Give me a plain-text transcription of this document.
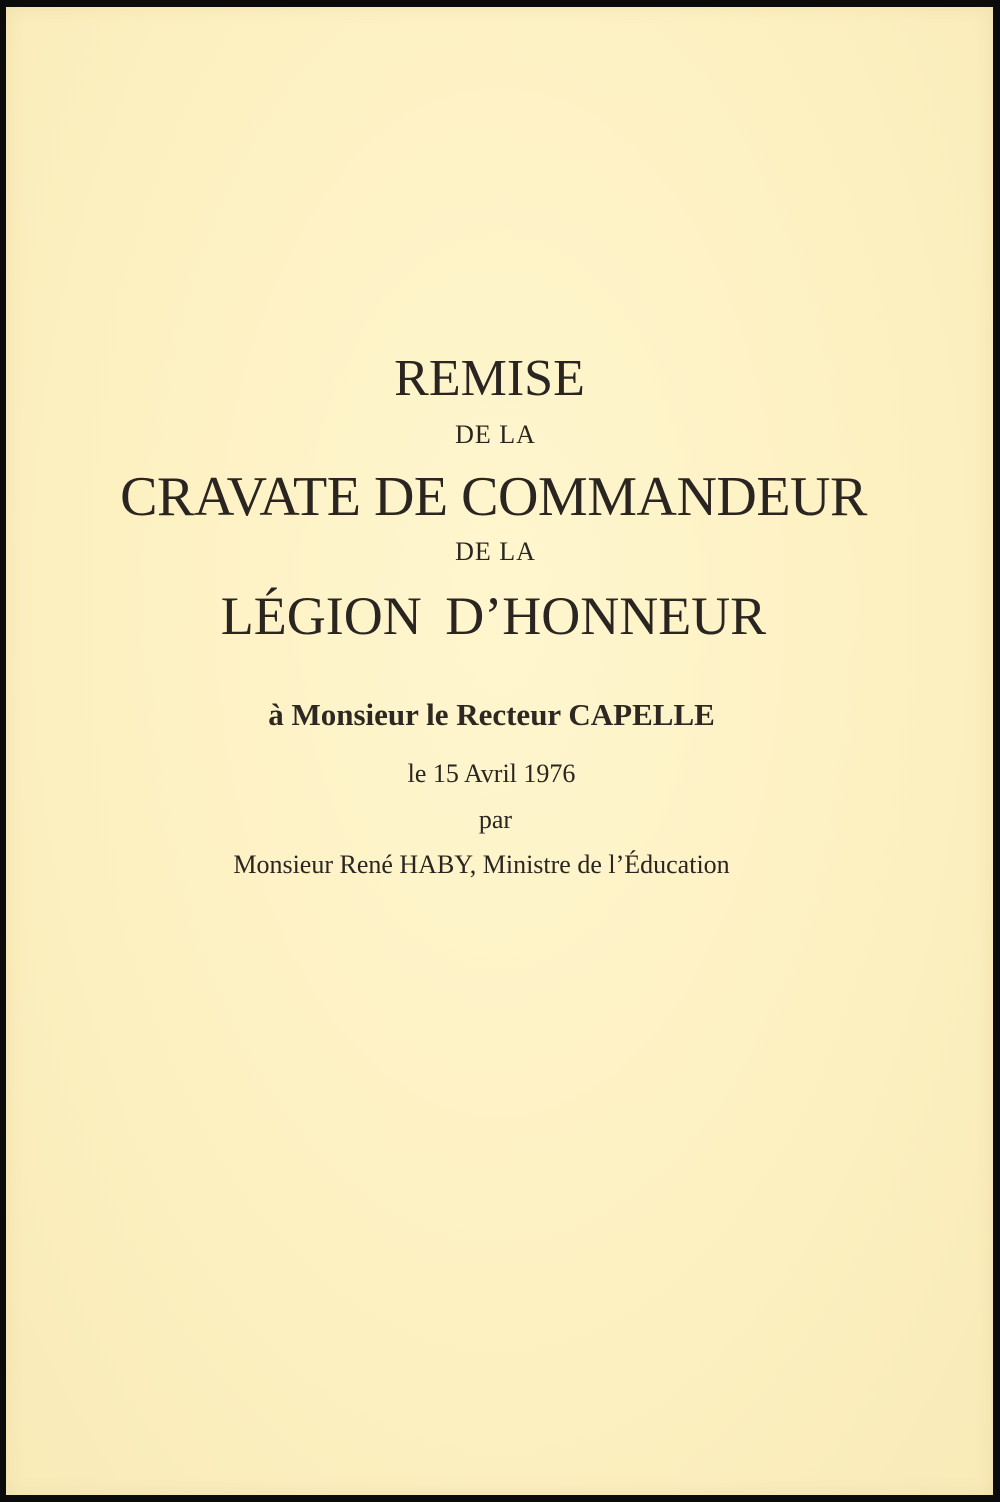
REMISE
DE LA
CRAVATE DE COMMANDEUR
DE LA
LÉGION D’HONNEUR
à Monsieur le Recteur CAPELLE
le 15 Avril 1976
par
Monsieur René HABY, Ministre de l’Éducation
